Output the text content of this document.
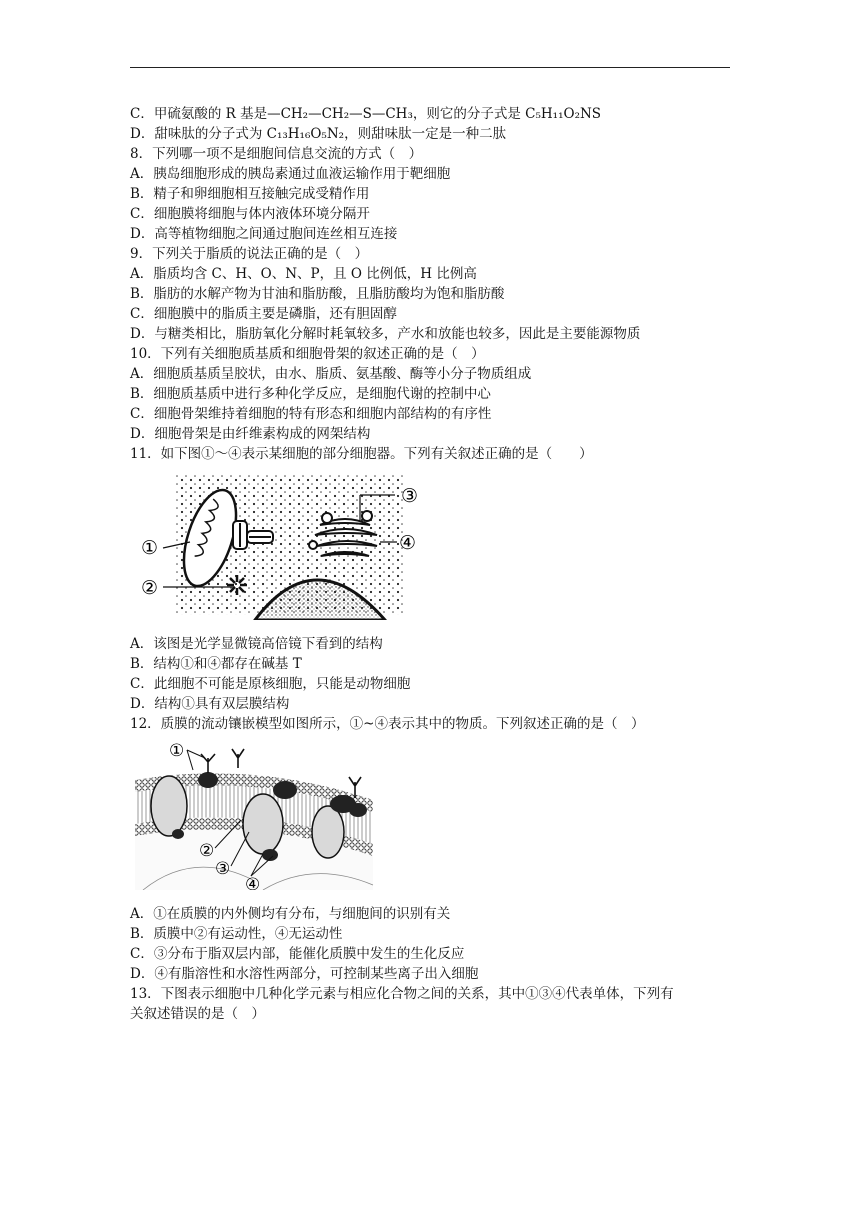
C．甲硫氨酸的 R 基是—CH₂—CH₂—S—CH₃，则它的分子式是 C₅H₁₁O₂NS
D．甜味肽的分子式为 C₁₃H₁₆O₅N₂，则甜味肽一定是一种二肽
8．下列哪一项不是细胞间信息交流的方式（　）
A．胰岛细胞形成的胰岛素通过血液运输作用于靶细胞
B．精子和卵细胞相互接触完成受精作用
C．细胞膜将细胞与体内液体环境分隔开
D．高等植物细胞之间通过胞间连丝相互连接
9．下列关于脂质的说法正确的是（　）
A．脂质均含 C、H、O、N、P，且 O 比例低，H 比例高
B．脂肪的水解产物为甘油和脂肪酸，且脂肪酸均为饱和脂肪酸
C．细胞膜中的脂质主要是磷脂，还有胆固醇
D．与糖类相比，脂肪氧化分解时耗氧较多，产水和放能也较多，因此是主要能源物质
10．下列有关细胞质基质和细胞骨架的叙述正确的是（　）
A．细胞质基质呈胶状，由水、脂质、氨基酸、酶等小分子物质组成
B．细胞质基质中进行多种化学反应，是细胞代谢的控制中心
C．细胞骨架维持着细胞的特有形态和细胞内部结构的有序性
D．细胞骨架是由纤维素构成的网架结构
11．如下图①～④表示某细胞的部分细胞器。下列有关叙述正确的是（　　）
①
②
③
④
A．该图是光学显微镜高倍镜下看到的结构
B．结构①和④都存在碱基 T
C．此细胞不可能是原核细胞，只能是动物细胞
D．结构①具有双层膜结构
12．质膜的流动镶嵌模型如图所示，①~④表示其中的物质。下列叙述正确的是（　）
①
②
③
④
A．①在质膜的内外侧均有分布，与细胞间的识别有关
B．质膜中②有运动性，④无运动性
C．③分布于脂双层内部，能催化质膜中发生的生化反应
D．④有脂溶性和水溶性两部分，可控制某些离子出入细胞
13．下图表示细胞中几种化学元素与相应化合物之间的关系，其中①③④代表单体，下列有
关叙述错误的是（　）
